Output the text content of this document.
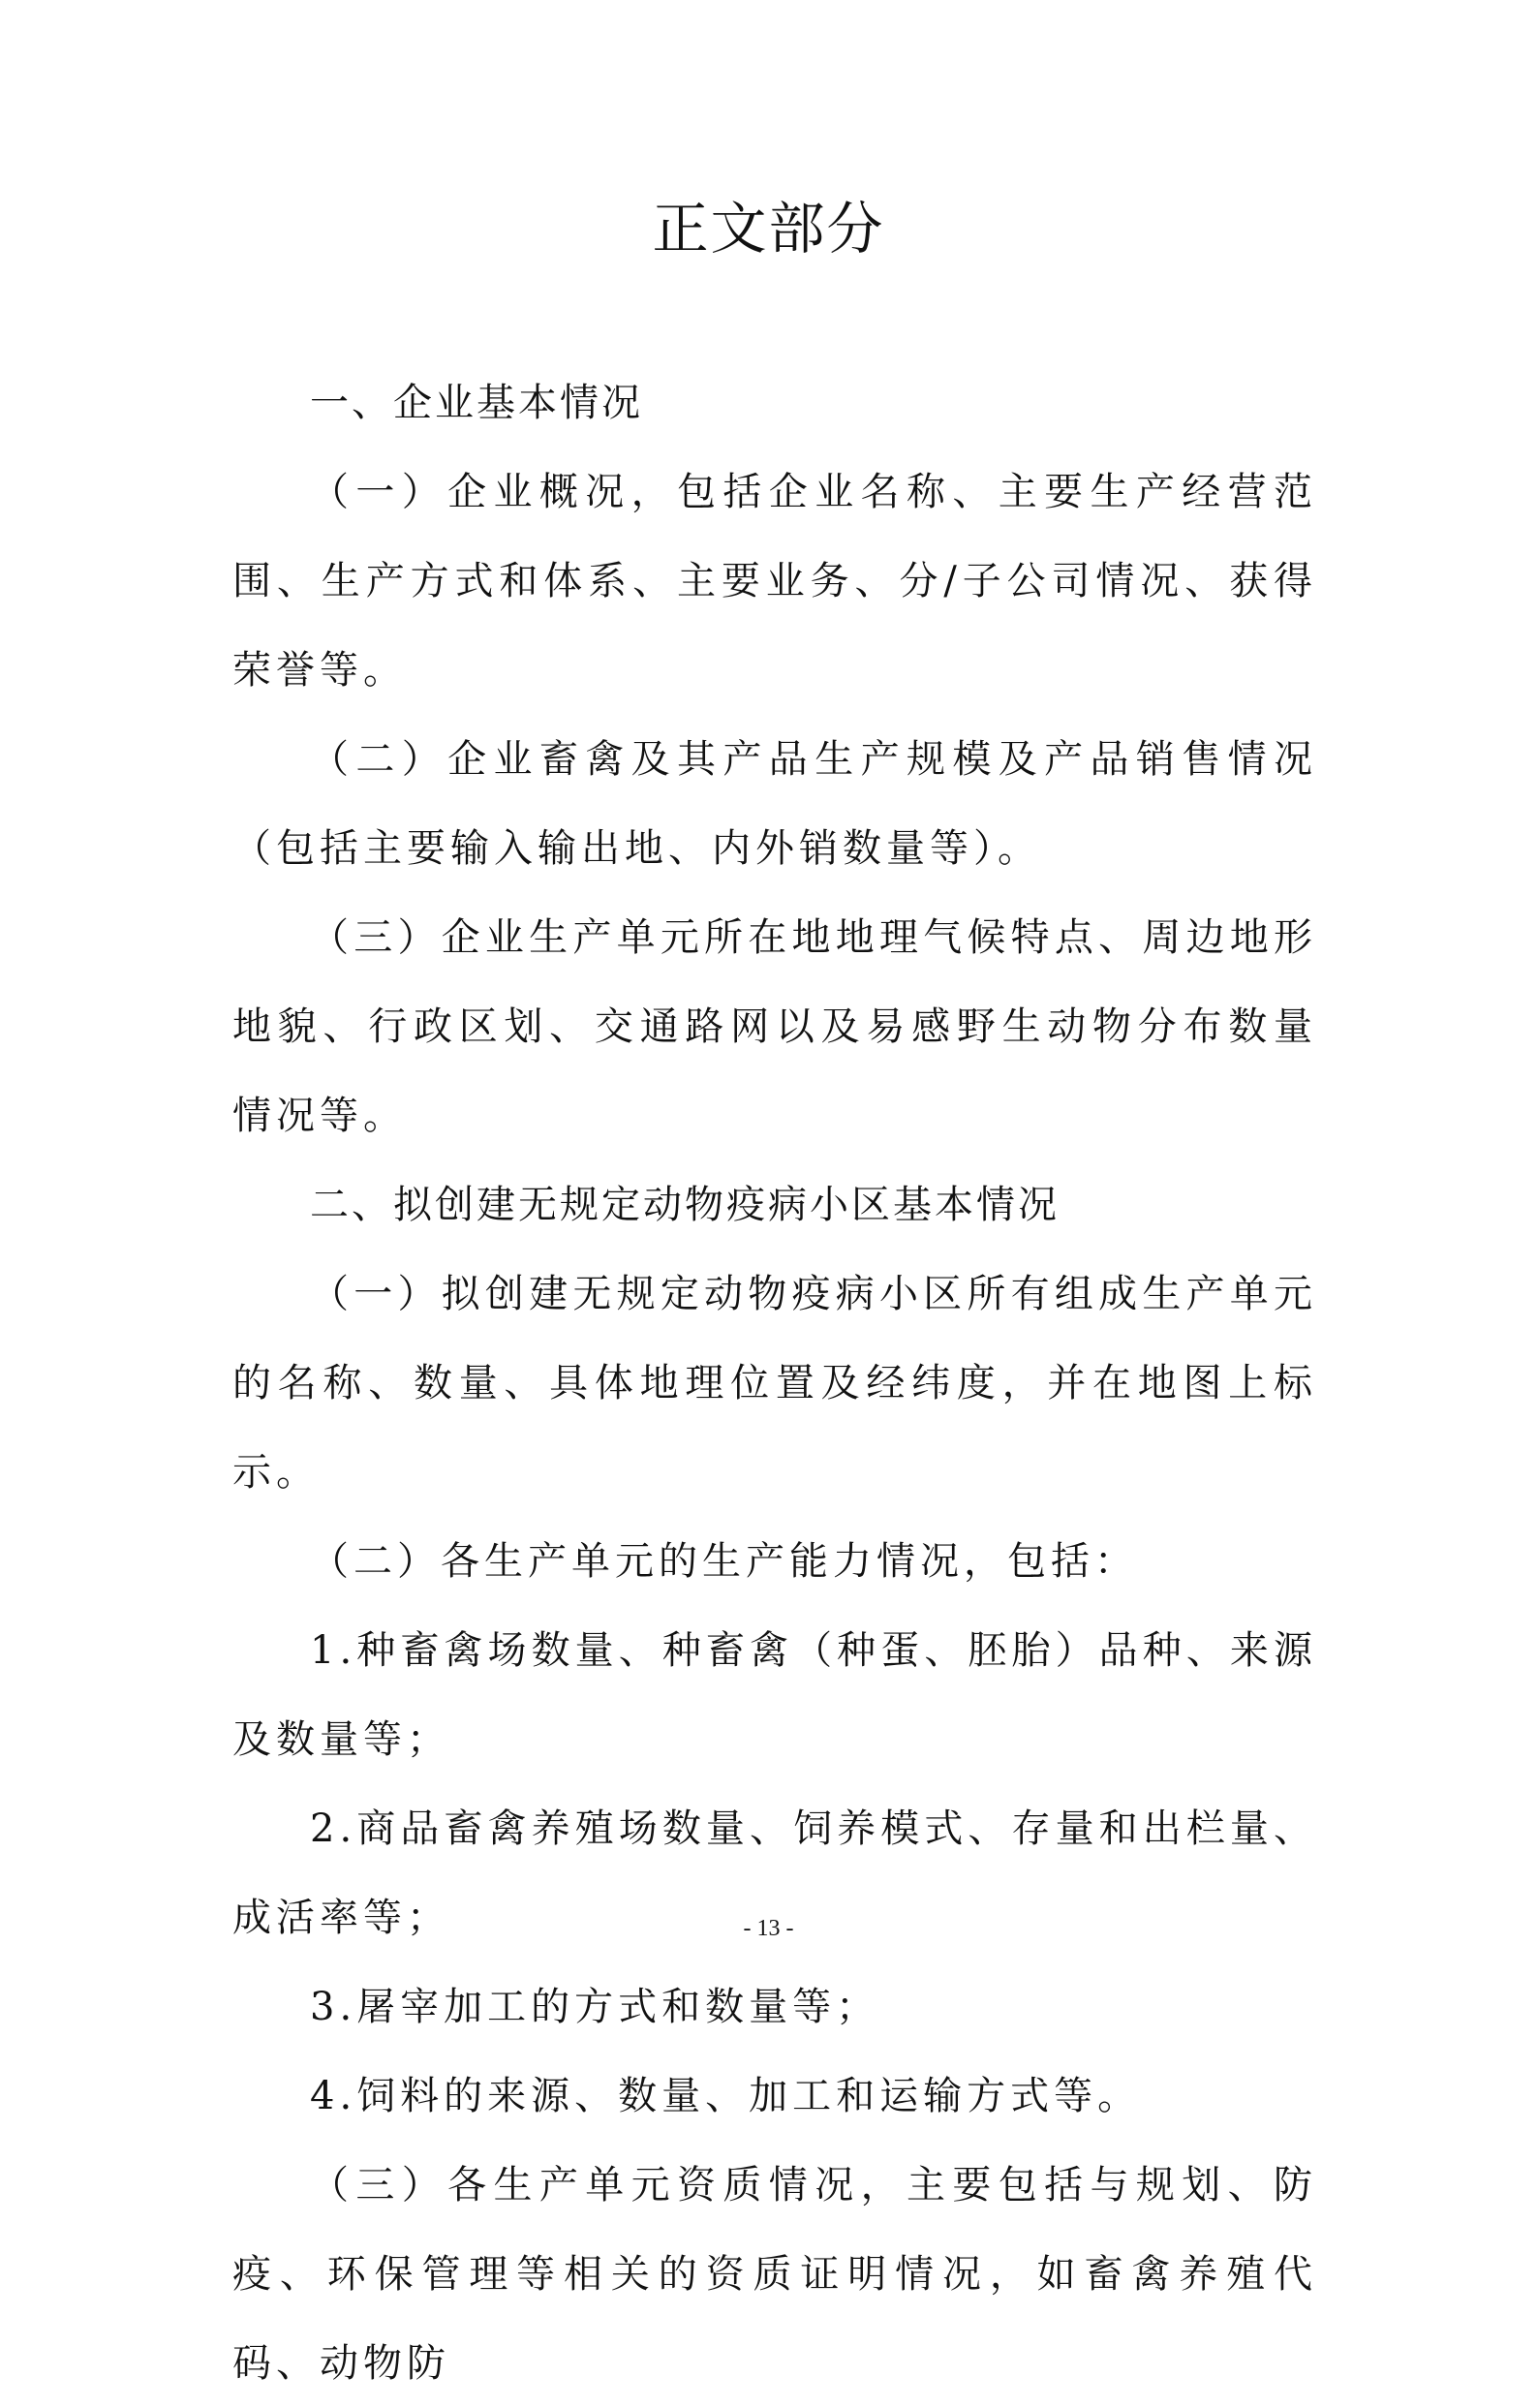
正文部分

一、企业基本情况

（一）企业概况，包括企业名称、主要生产经营范围、生产方式和体系、主要业务、分/子公司情况、获得荣誉等。

（二）企业畜禽及其产品生产规模及产品销售情况（包括主要输入输出地、内外销数量等）。

（三）企业生产单元所在地地理气候特点、周边地形地貌、行政区划、交通路网以及易感野生动物分布数量情况等。

二、拟创建无规定动物疫病小区基本情况

（一）拟创建无规定动物疫病小区所有组成生产单元的名称、数量、具体地理位置及经纬度，并在地图上标示。

（二）各生产单元的生产能力情况，包括：

1.种畜禽场数量、种畜禽（种蛋、胚胎）品种、来源及数量等；

2.商品畜禽养殖场数量、饲养模式、存量和出栏量、成活率等；

3.屠宰加工的方式和数量等；

4.饲料的来源、数量、加工和运输方式等。

（三）各生产单元资质情况，主要包括与规划、防疫、环保管理等相关的资质证明情况，如畜禽养殖代码、动物防

- 13 -
